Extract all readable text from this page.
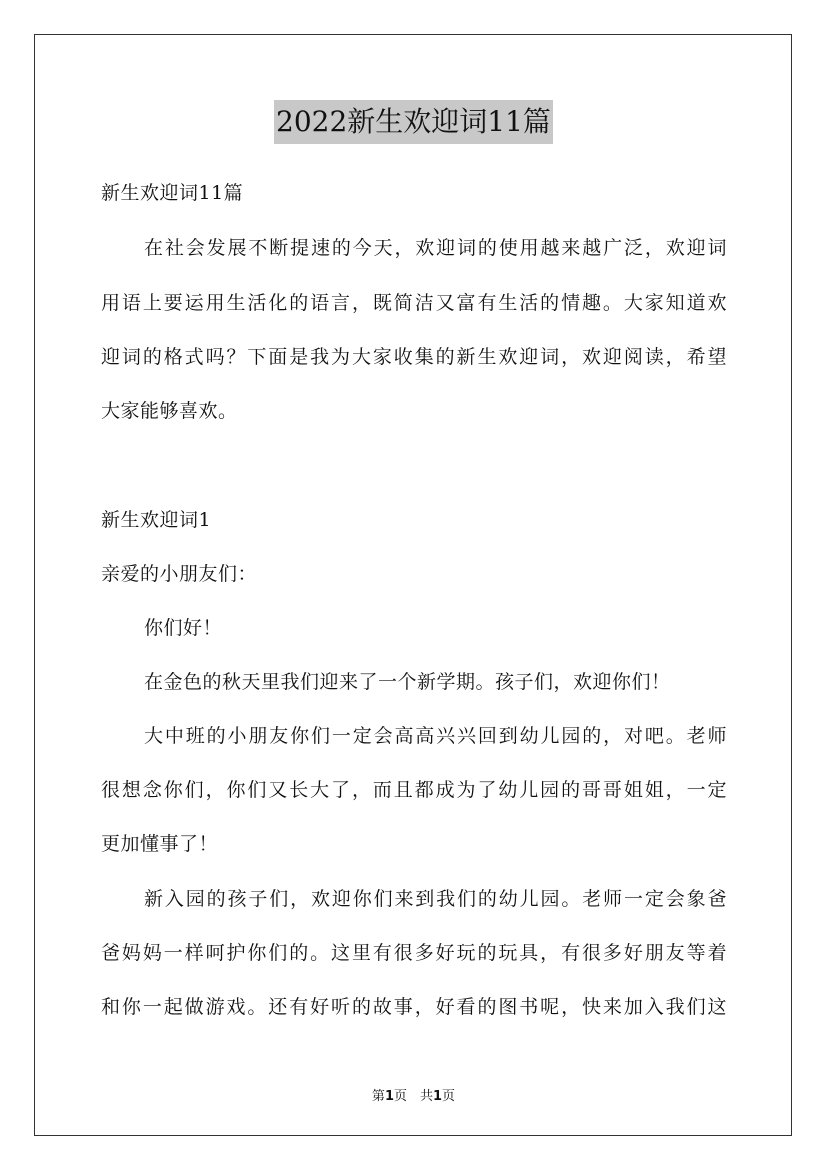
2022新生欢迎词11篇
新生欢迎词11篇
在社会发展不断提速的今天，欢迎词的使用越来越广泛，欢迎词
用语上要运用生活化的语言，既简洁又富有生活的情趣。大家知道欢
迎词的格式吗？下面是我为大家收集的新生欢迎词，欢迎阅读，希望
大家能够喜欢。
新生欢迎词1
亲爱的小朋友们：
你们好！
在金色的秋天里我们迎来了一个新学期。孩子们，欢迎你们！
大中班的小朋友你们一定会高高兴兴回到幼儿园的，对吧。老师
很想念你们，你们又长大了，而且都成为了幼儿园的哥哥姐姐，一定
更加懂事了！
新入园的孩子们，欢迎你们来到我们的幼儿园。老师一定会象爸
爸妈妈一样呵护你们的。这里有很多好玩的玩具，有很多好朋友等着
和你一起做游戏。还有好听的故事，好看的图书呢，快来加入我们这
第1页　共1页
